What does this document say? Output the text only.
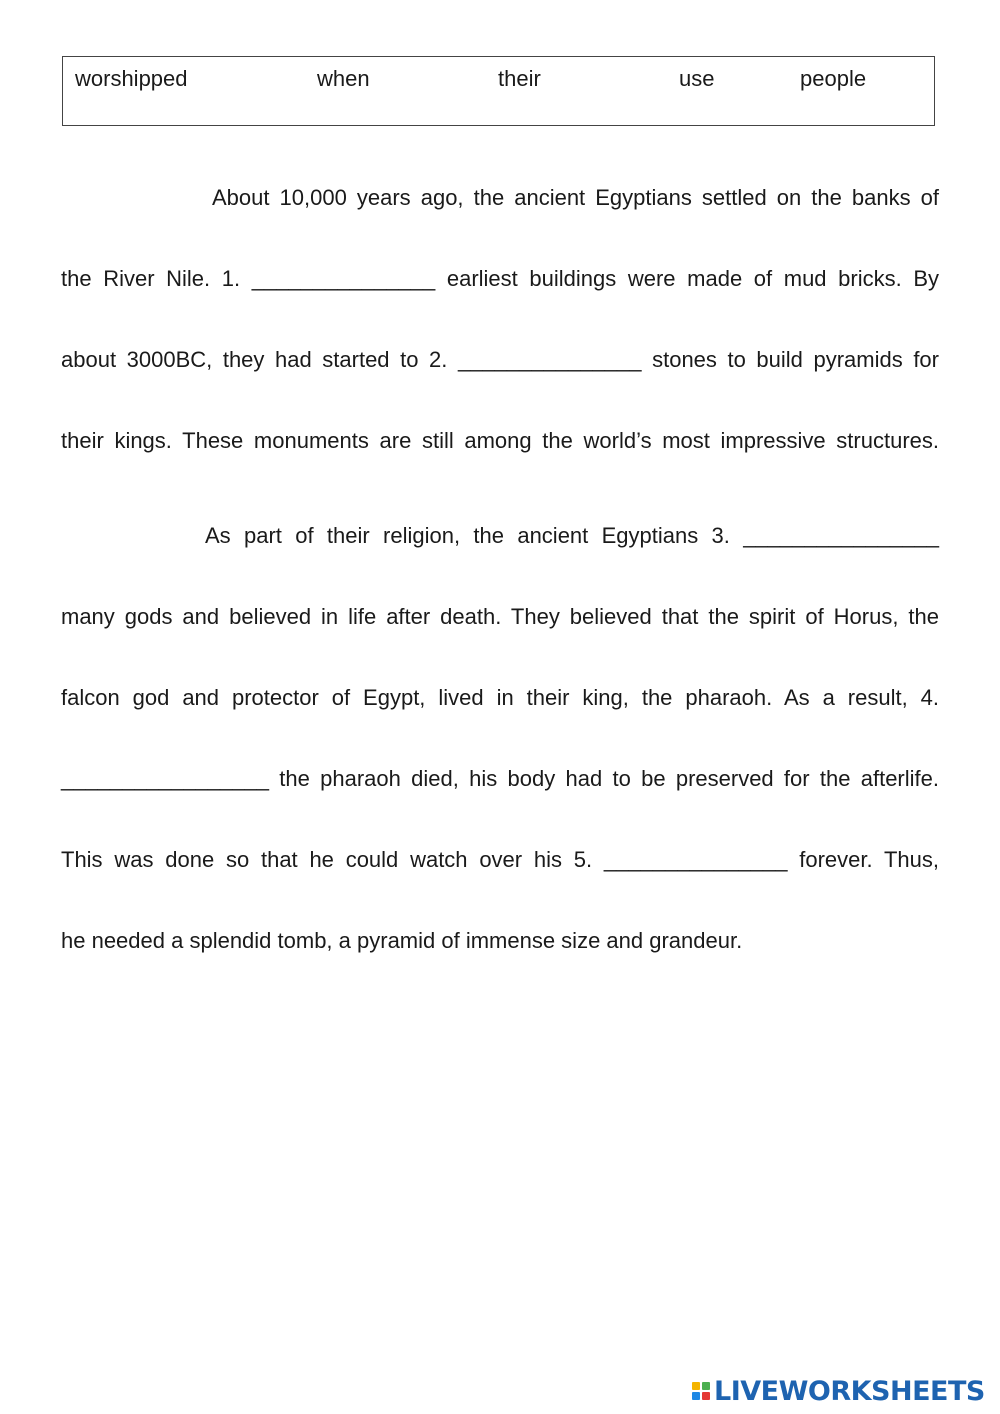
worshipped	when	their	use	people
About 10,000 years ago, the ancient Egyptians settled on the banks of
the River Nile. 1. _______________ earliest buildings were made of mud bricks. By
about 3000BC, they had started to 2. _______________ stones to build pyramids for
their kings. These monuments are still among the world’s most impressive structures.
As part of their religion, the ancient Egyptians 3. ________________
many gods and believed in life after death. They believed that the spirit of Horus, the
falcon god and protector of Egypt, lived in their king, the pharaoh. As a result, 4.
_________________ the pharaoh died, his body had to be preserved for the afterlife.
This was done so that he could watch over his 5. _______________ forever. Thus,
he needed a splendid tomb, a pyramid of immense size and grandeur.
LIVEWORKSHEETS
